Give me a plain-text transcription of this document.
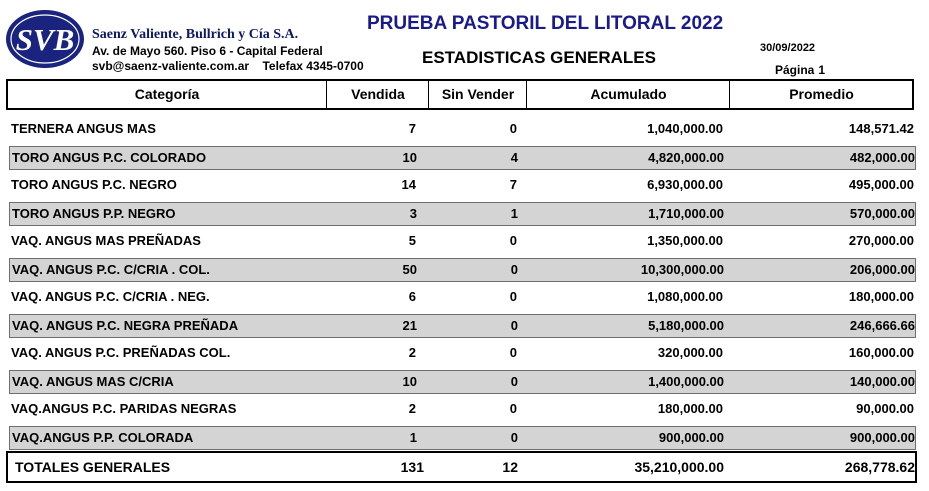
SVB Saenz Valiente, Bullrich y Cía S.A.
Av. de Mayo 560. Piso 6 - Capital Federal
svb@saenz-valiente.com.ar Telefax 4345-0700
PRUEBA PASTORIL DEL LITORAL 2022
ESTADISTICAS GENERALES	30/09/2022
Página 1
Categoría	Vendida	Sin Vender	Acumulado	Promedio
TERNERA ANGUS MAS	7	0	1,040,000.00	148,571.42
TORO ANGUS P.C. COLORADO	10	4	4,820,000.00	482,000.00
TORO ANGUS P.C. NEGRO	14	7	6,930,000.00	495,000.00
TORO ANGUS P.P. NEGRO	3	1	1,710,000.00	570,000.00
VAQ. ANGUS MAS PREÑADAS	5	0	1,350,000.00	270,000.00
VAQ. ANGUS P.C. C/CRIA . COL.	50	0	10,300,000.00	206,000.00
VAQ. ANGUS P.C. C/CRIA . NEG.	6	0	1,080,000.00	180,000.00
VAQ. ANGUS P.C. NEGRA PREÑADA	21	0	5,180,000.00	246,666.66
VAQ. ANGUS P.C. PREÑADAS COL.	2	0	320,000.00	160,000.00
VAQ. ANGUS MAS C/CRIA	10	0	1,400,000.00	140,000.00
VAQ.ANGUS P.C. PARIDAS NEGRAS	2	0	180,000.00	90,000.00
VAQ.ANGUS P.P. COLORADA	1	0	900,000.00	900,000.00
TOTALES GENERALES	131	12	35,210,000.00	268,778.62
